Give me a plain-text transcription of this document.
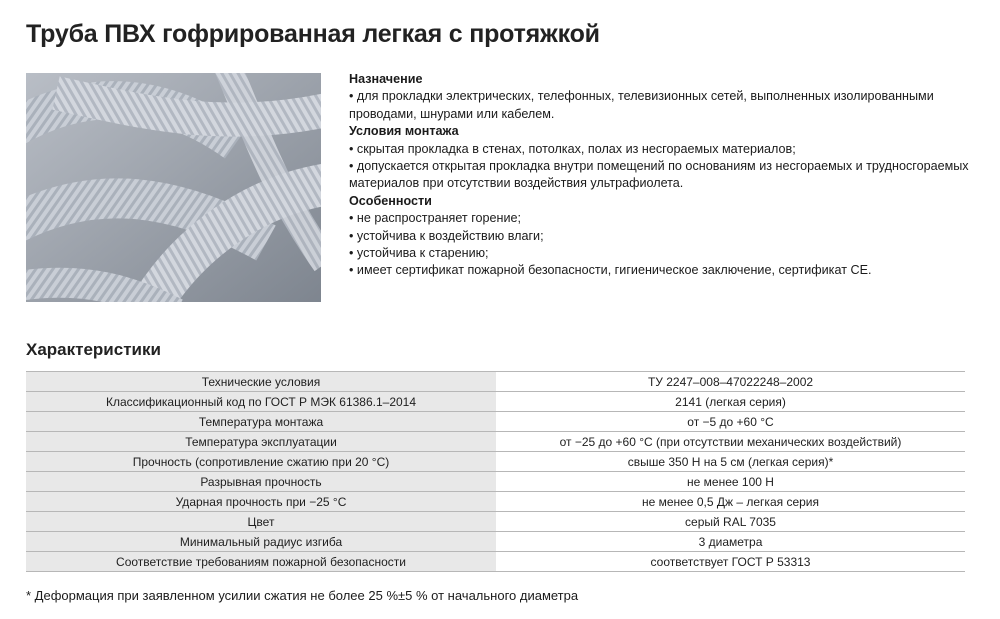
Труба ПВХ гофрированная легкая с протяжкой

Назначение

• для прокладки электрических, телефонных, телевизионных сетей, выполненных изолированными проводами, шнурами или кабелем.

Условия монтажа

• скрытая прокладка в стенах, потолках, полах из несгораемых материалов;

• допускается открытая прокладка внутри помещений по основаниям из несгораемых и трудносгораемых материалов при отсутствии воздействия ультрафиолета.

Особенности

• не распространяет горение;

• устойчива к воздействию влаги;

• устойчива к старению;

• имеет сертификат пожарной безопасности, гигиеническое заключение, сертификат CE.

Характеристики
Технические условия	ТУ 2247–008–47022248–2002
Классификационный код по ГОСТ Р МЭК 61386.1–2014	2141 (легкая серия)
Температура монтажа	от −5 до +60 °С
Температура эксплуатации	от −25 до +60 °С (при отсутствии механических воздействий)
Прочность (сопротивление сжатию при 20 °С)	свыше 350 Н на 5 см (легкая серия)*
Разрывная прочность	не менее 100 Н
Ударная прочность при −25 °С	не менее 0,5 Дж – легкая серия
Цвет	серый RAL 7035
Минимальный радиус изгиба	3 диаметра
Соответствие требованиям пожарной безопасности	соответствует ГОСТ Р 53313
* Деформация при заявленном усилии сжатия не более 25 %±5 % от начального диаметра
